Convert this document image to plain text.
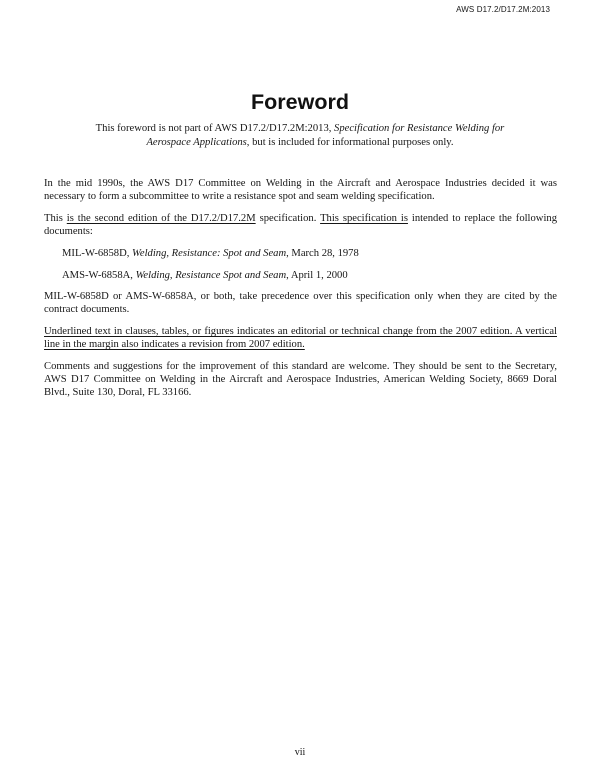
AWS D17.2/D17.2M:2013
Foreword

This foreword is not part of AWS D17.2/D17.2M:2013, Specification for Resistance Welding for Aerospace Applications, but is included for informational purposes only.

In the mid 1990s, the AWS D17 Committee on Welding in the Aircraft and Aerospace Industries decided it was necessary to form a subcommittee to write a resistance spot and seam welding specification.

This is the second edition of the D17.2/D17.2M specification. This specification is intended to replace the following documents:

MIL-W-6858D, Welding, Resistance: Spot and Seam, March 28, 1978

AMS-W-6858A, Welding, Resistance Spot and Seam, April 1, 2000

MIL-W-6858D or AMS-W-6858A, or both, take precedence over this specification only when they are cited by the contract documents.

Underlined text in clauses, tables, or figures indicates an editorial or technical change from the 2007 edition. A vertical line in the margin also indicates a revision from 2007 edition.

Comments and suggestions for the improvement of this standard are welcome. They should be sent to the Secretary, AWS D17 Committee on Welding in the Aircraft and Aerospace Industries, American Welding Society, 8669 Doral Blvd., Suite 130, Doral, FL 33166.

vii
